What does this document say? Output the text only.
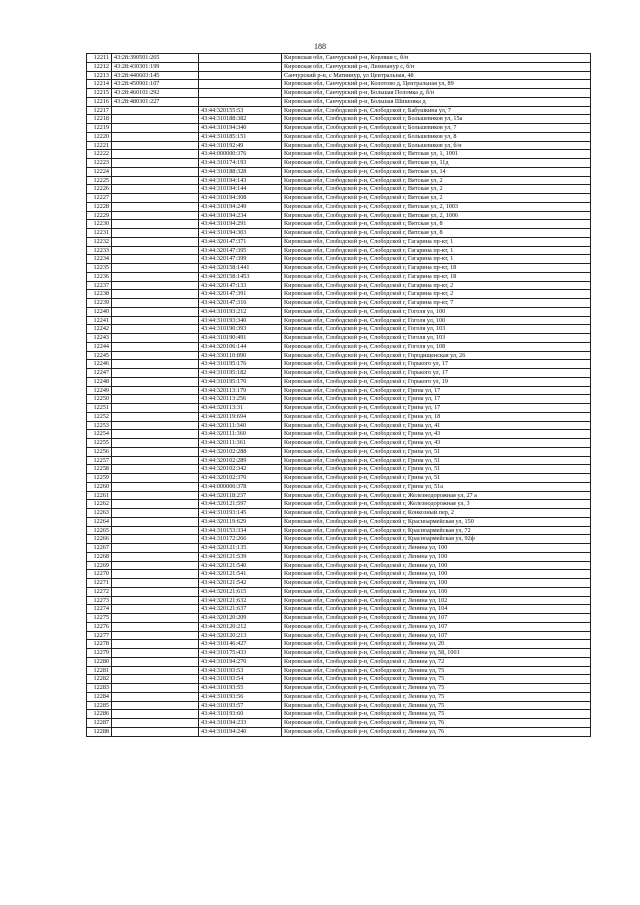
188
12211	43:28:390501:265		Кировская обл, Санчурский р-н, Корляки с, б/н
12212	43:28:430301:199		Кировская обл, Санчурский р-н, Люмпанур с, б/н
12213	43:28:440603:145		Санчурский р-н, с Матвинур, ул Центральная, 48
12214	43:28:450901:107		Кировская обл, Санчурский р-н, Колотово д, Центральная ул, 89
12215	43:28:460101:292		Кировская обл, Санчурский р-н, Большая Поломка д, б/н
12216	43:28:480301:227		Кировская обл, Санчурский р-н, Большая Шишовка д
12217		43:44:320155:53	Кировская обл, Слободской р-н, Слободской г, Бабушкина ул, 7
12218		43:44:310188:382	Кировская обл, Слободской р-н, Слободской г, Большевиков ул, 15а
12219		43:44:310194:340	Кировская обл, Слободской р-н, Слободской г, Большевиков ул, 7
12220		43:44:310185:151	Кировская обл, Слободской р-н, Слободской г, Большевиков ул, 8
12221		43:44:310192:49	Кировская обл, Слободской р-н, Слободской г, Большевиков ул, б/н
12222		43:44:000000:376	Кировская обл, Слободской р-н, Слободской г, Вятская ул, 1, 1001
12223		43:44:310174:193	Кировская обл, Слободской р-н, Слободской г, Вятская ул, 11д
12224		43:44:310188:328	Кировская обл, Слободской р-н, Слободской г, Вятская ул, 14
12225		43:44:310194:143	Кировская обл, Слободской р-н, Слободской г, Вятская ул, 2
12226		43:44:310194:144	Кировская обл, Слободской р-н, Слободской г, Вятская ул, 2
12227		43:44:310194:308	Кировская обл, Слободской р-н, Слободской г, Вятская ул, 2
12228		43:44:310194:249	Кировская обл, Слободской р-н, Слободской г, Вятская ул, 2, 1003
12229		43:44:310194:234	Кировская обл, Слободской р-н, Слободской г, Вятская ул, 2, 1006
12230		43:44:310194:291	Кировская обл, Слободской р-н, Слободской г, Вятская ул, 8
12231		43:44:310194:303	Кировская обл, Слободской р-н, Слободской г, Вятская ул, 8
12232		43:44:320147:371	Кировская обл, Слободской р-н, Слободской г, Гагарина пр-кт, 1
12233		43:44:320147:395	Кировская обл, Слободской р-н, Слободской г, Гагарина пр-кт, 1
12234		43:44:320147:399	Кировская обл, Слободской р-н, Слободской г, Гагарина пр-кт, 1
12235		43:44:320158:1441	Кировская обл, Слободской р-н, Слободской г, Гагарина пр-кт, 18
12236		43:44:320158:1453	Кировская обл, Слободской р-н, Слободской г, Гагарина пр-кт, 18
12237		43:44:320147:133	Кировская обл, Слободской р-н, Слободской г, Гагарина пр-кт, 2
12238		43:44:320147:391	Кировская обл, Слободской р-н, Слободской г, Гагарина пр-кт, 2
12239		43:44:320147:316	Кировская обл, Слободской р-н, Слободской г, Гагарина пр-кт, 7
12240		43:44:310193:212	Кировская обл, Слободской р-н, Слободской г, Гоголя ул, 100
12241		43:44:310193:340	Кировская обл, Слободской р-н, Слободской г, Гоголя ул, 100
12242		43:44:310190:393	Кировская обл, Слободской р-н, Слободской г, Гоголя ул, 103
12243		43:44:310190:491	Кировская обл, Слободской р-н, Слободской г, Гоголя ул, 103
12244		43:44:320106:144	Кировская обл, Слободской р-н, Слободской г, Гоголя ул, 108
12245		43:44:330110:890	Кировская обл, Слободской р-н, Слободской г, Городищенская ул, 26
12246		43:44:310195:176	Кировская обл, Слободской р-н, Слободской г, Горького ул, 17
12247		43:44:310195:182	Кировская обл, Слободской р-н, Слободской г, Горького ул, 17
12248		43:44:310195:170	Кировская обл, Слободской р-н, Слободской г, Горького ул, 19
12249		43:44:320113:179	Кировская обл, Слободской р-н, Слободской г, Грина ул, 17
12250		43:44:320113:256	Кировская обл, Слободской р-н, Слободской г, Грина ул, 17
12251		43:44:320113:31	Кировская обл, Слободской р-н, Слободской г, Грина ул, 17
12252		43:44:320119:694	Кировская обл, Слободской р-н, Слободской г, Грина ул, 18
12253		43:44:320111:340	Кировская обл, Слободской р-н, Слободской г, Грина ул, 41
12254		43:44:320111:360	Кировская обл, Слободской р-н, Слободской г, Грина ул, 43
12255		43:44:320111:361	Кировская обл, Слободской р-н, Слободской г, Грина ул, 43
12256		43:44:320102:288	Кировская обл, Слободской р-н, Слободской г, Грина ул, 51
12257		43:44:320102:289	Кировская обл, Слободской р-н, Слободской г, Грина ул, 51
12258		43:44:320102:342	Кировская обл, Слободской р-н, Слободской г, Грина ул, 51
12259		43:44:320102:370	Кировская обл, Слободской р-н, Слободской г, Грина ул, 51
12260		43:44:000000:378	Кировская обл, Слободской р-н, Слободской г, Грина ул, 51а
12261		43:44:320118:237	Кировская обл, Слободской р-н, Слободской г, Железнодорожная ул, 27 а
12262		43:44:320121:597	Кировская обл, Слободской р-н, Слободской г, Железнодорожная ул, 3
12263		43:44:310193:145	Кировская обл, Слободской р-н, Слободской г, Конкозный пер, 2
12264		43:44:320119:629	Кировская обл, Слободской р-н, Слободской г, Красноармейская ул, 150
12265		43:44:310153:334	Кировская обл, Слободской р-н, Слободской г, Красноармейская ул, 72
12266		43:44:310172:266	Кировская обл, Слободской р-н, Слободской г, Красноармейская ул, 92ф
12267		43:44:320121:135	Кировская обл, Слободской р-н, Слободской г, Ленина ул, 100
12268		43:44:320121:539	Кировская обл, Слободской р-н, Слободской г, Ленина ул, 100
12269		43:44:320121:540	Кировская обл, Слободской р-н, Слободской г, Ленина ул, 100
12270		43:44:320121:541	Кировская обл, Слободской р-н, Слободской г, Ленина ул, 100
12271		43:44:320121:542	Кировская обл, Слободской р-н, Слободской г, Ленина ул, 100
12272		43:44:320121:615	Кировская обл, Слободской р-н, Слободской г, Ленина ул, 100
12273		43:44:320121:632	Кировская обл, Слободской р-н, Слободской г, Ленина ул, 102
12274		43:44:320121:637	Кировская обл, Слободской р-н, Слободской г, Ленина ул, 104
12275		43:44:320120:209	Кировская обл, Слободской р-н, Слободской г, Ленина ул, 107
12276		43:44:320120:212	Кировская обл, Слободской р-н, Слободской г, Ленина ул, 107
12277		43:44:320120:213	Кировская обл, Слободской р-н, Слободской г, Ленина ул, 107
12278		43:44:310146:427	Кировская обл, Слободской р-н, Слободской г, Ленина ул, 20
12279		43:44:310175:433	Кировская обл, Слободской р-н, Слободской г, Ленина ул, 58, 1001
12280		43:44:310194:270	Кировская обл, Слободской р-н, Слободской г, Ленина ул, 72
12281		43:44:310193:53	Кировская обл, Слободской р-н, Слободской г, Ленина ул, 75
12282		43:44:310193:54	Кировская обл, Слободской р-н, Слободской г, Ленина ул, 75
12283		43:44:310193:55	Кировская обл, Слободской р-н, Слободской г, Ленина ул, 75
12284		43:44:310193:56	Кировская обл, Слободской р-н, Слободской г, Ленина ул, 75
12285		43:44:310193:57	Кировская обл, Слободской р-н, Слободской г, Ленина ул, 75
12286		43:44:310193:60	Кировская обл, Слободской р-н, Слободской г, Ленина ул, 75
12287		43:44:310194:233	Кировская обл, Слободской р-н, Слободской г, Ленина ул, 76
12288		43:44:310194:240	Кировская обл, Слободской р-н, Слободской г, Ленина ул, 76
